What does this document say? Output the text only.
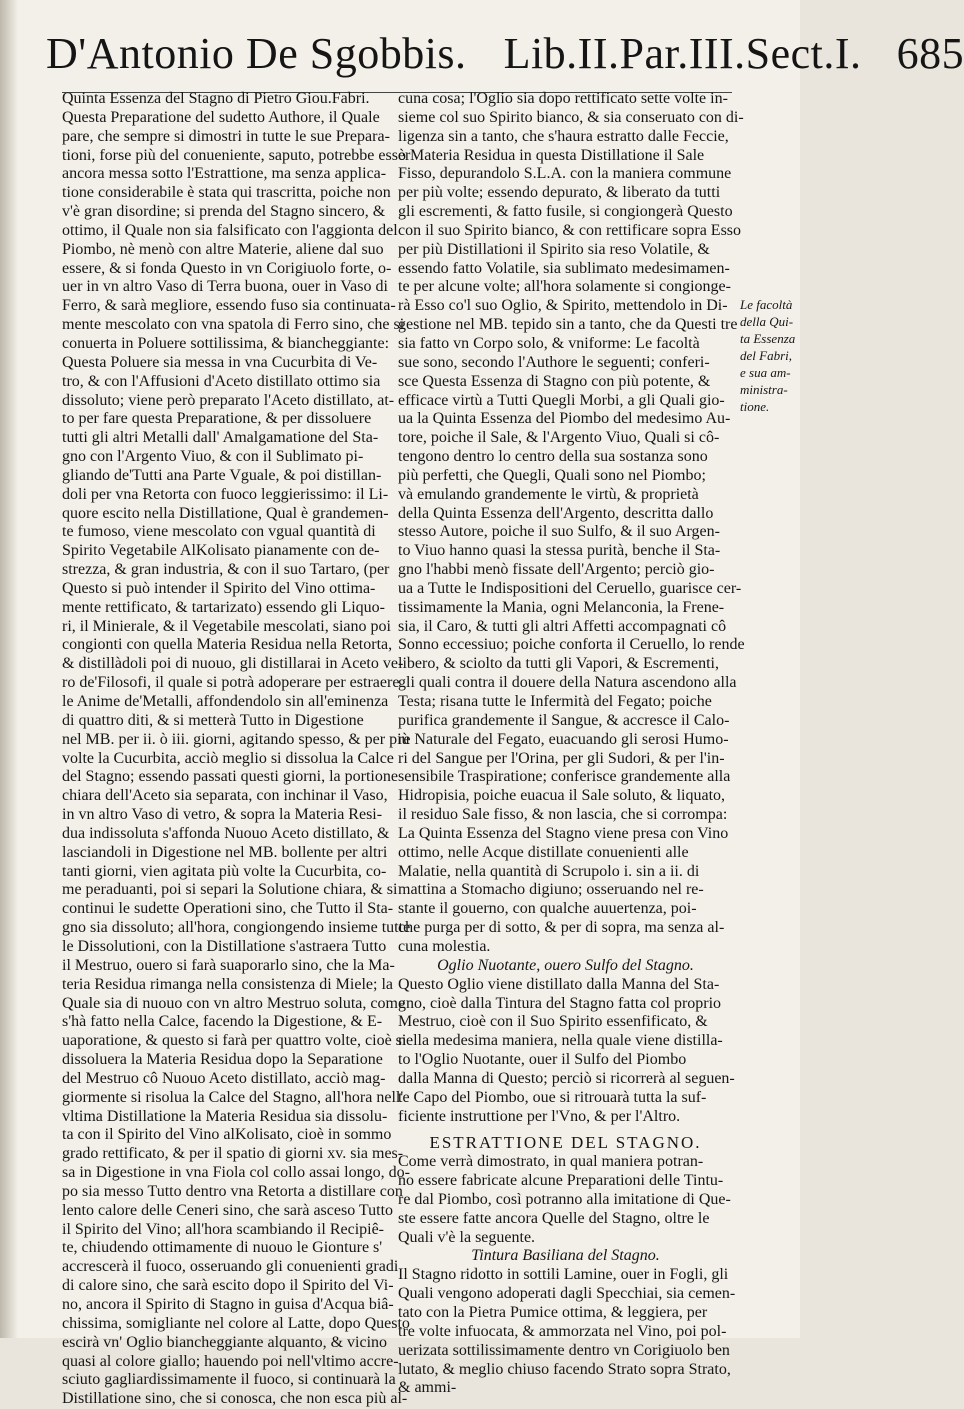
D'Antonio De Sgobbis. Lib.II.Par.III.Sect.I. 685
Quinta Essenza del Stagno di Pietro Giou.Fabri.
Questa Preparatione del sudetto Authore, il Quale
pare, che sempre si dimostri in tutte le sue Prepara-
tioni, forse più del conueniente, saputo, potrebbe esser
ancora messa sotto l'Estrattione, ma senza applica-
tione considerabile è stata qui trascritta, poiche non
v'è gran disordine; si prenda del Stagno sincero, &
ottimo, il Quale non sia falsificato con l'aggionta del
Piombo, nè menò con altre Materie, aliene dal suo
essere, & si fonda Questo in vn Corigiuolo forte, o-
uer in vn altro Vaso di Terra buona, ouer in Vaso di
Ferro, & sarà megliore, essendo fuso sia continuata-
mente mescolato con vna spatola di Ferro sino, che si
conuerta in Poluere sottilissima, & biancheggiante:
Questa Poluere sia messa in vna Cucurbita di Ve-
tro, & con l'Affusioni d'Aceto distillato ottimo sia
dissoluto; viene però preparato l'Aceto distillato, at-
to per fare questa Preparatione, & per dissoluere
tutti gli altri Metalli dall' Amalgamatione del Sta-
gno con l'Argento Viuo, & con il Sublimato pi-
gliando de'Tutti ana Parte Vguale, & poi distillan-
doli per vna Retorta con fuoco leggierissimo: il Li-
quore escito nella Distillatione, Qual è grandemen-
te fumoso, viene mescolato con vgual quantità di
Spirito Vegetabile AlKolisato pianamente con de-
strezza, & gran industria, & con il suo Tartaro, (per
Questo si può intender il Spirito del Vino ottima-
mente rettificato, & tartarizato) essendo gli Liquo-
ri, il Minierale, & il Vegetabile mescolati, siano poi
congionti con quella Materia Residua nella Retorta,
& distillàdoli poi di nuouo, gli distillarai in Aceto ve-
ro de'Filosofi, il quale si potrà adoperare per estraere
le Anime de'Metalli, affondendolo sin all'eminenza
di quattro diti, & si metterà Tutto in Digestione
nel MB. per ii. ò iii. giorni, agitando spesso, & per più
volte la Cucurbita, acciò meglio si dissolua la Calce
del Stagno; essendo passati questi giorni, la portione
chiara dell'Aceto sia separata, con inchinar il Vaso,
in vn altro Vaso di vetro, & sopra la Materia Resi-
dua indissoluta s'affonda Nuouo Aceto distillato, &
lasciandoli in Digestione nel MB. bollente per altri
tanti giorni, vien agitata più volte la Cucurbita, co-
me peraduanti, poi si separi la Solutione chiara, & si
continui le sudette Operationi sino, che Tutto il Sta-
gno sia dissoluto; all'hora, congiongendo insieme tutte
le Dissolutioni, con la Distillatione s'astraera Tutto
il Mestruo, ouero si farà suaporarlo sino, che la Ma-
teria Residua rimanga nella consistenza di Miele; la
Quale sia di nuouo con vn altro Mestruo soluta, come
s'hà fatto nella Calce, facendo la Digestione, & E-
uaporatione, & questo si farà per quattro volte, cioè si
dissoluera la Materia Residua dopo la Separatione
del Mestruo cô Nuouo Aceto distillato, acciò mag-
giormente si risolua la Calce del Stagno, all'hora nell'
vltima Distillatione la Materia Residua sia dissolu-
ta con il Spirito del Vino alKolisato, cioè in sommo
grado rettificato, & per il spatio di giorni xv. sia mes-
sa in Digestione in vna Fiola col collo assai longo, do-
po sia messo Tutto dentro vna Retorta a distillare con
lento calore delle Ceneri sino, che sarà asceso Tutto
il Spirito del Vino; all'hora scambiando il Recipiê-
te, chiudendo ottimamente di nuouo le Gionture s'
accrescerà il fuoco, osseruando gli conuenienti gradi
di calore sino, che sarà escito dopo il Spirito del Vi-
no, ancora il Spirito di Stagno in guisa d'Acqua biâ-
chissima, somigliante nel colore al Latte, dopo Questo
escirà vn' Oglio biancheggiante alquanto, & vicino
quasi al colore giallo; hauendo poi nell'vltimo accre-
sciuto gagliardissimamente il fuoco, si continuarà la
Distillatione sino, che si conosca, che non esca più al-
cuna cosa; l'Oglio sia dopo rettificato sette volte in-
sieme col suo Spirito bianco, & sia conseruato con di-
ligenza sin a tanto, che s'haura estratto dalle Feccie,
ò Materia Residua in questa Distillatione il Sale
Fisso, depurandolo S.L.A. con la maniera commune
per più volte; essendo depurato, & liberato da tutti
gli escrementi, & fatto fusile, si congiongerà Questo
con il suo Spirito bianco, & con rettificare sopra Esso
per più Distillationi il Spirito sia reso Volatile, &
essendo fatto Volatile, sia sublimato medesimamen-
te per alcune volte; all'hora solamente si congionge-
rà Esso co'l suo Oglio, & Spirito, mettendolo in Di-
gestione nel MB. tepido sin a tanto, che da Questi tre
sia fatto vn Corpo solo, & vniforme: Le facoltà
sue sono, secondo l'Authore le seguenti; conferi-
sce Questa Essenza di Stagno con più potente, &
efficace virtù a Tutti Quegli Morbi, a gli Quali gio-
ua la Quinta Essenza del Piombo del medesimo Au-
tore, poiche il Sale, & l'Argento Viuo, Quali si cô-
tengono dentro lo centro della sua sostanza sono
più perfetti, che Quegli, Quali sono nel Piombo;
và emulando grandemente le virtù, & proprietà
della Quinta Essenza dell'Argento, descritta dallo
stesso Autore, poiche il suo Sulfo, & il suo Argen-
to Viuo hanno quasi la stessa purità, benche il Sta-
gno l'habbi menò fissate dell'Argento; perciò gio-
ua a Tutte le Indispositioni del Ceruello, guarisce cer-
tissimamente la Mania, ogni Melanconia, la Frene-
sia, il Caro, & tutti gli altri Affetti accompagnati cô
Sonno eccessiuo; poiche conforta il Ceruello, lo rende
libero, & sciolto da tutti gli Vapori, & Escrementi,
gli quali contra il douere della Natura ascendono alla
Testa; risana tutte le Infermità del Fegato; poiche
purifica grandemente il Sangue, & accresce il Calo-
re Naturale del Fegato, euacuando gli serosi Humo-
ri del Sangue per l'Orina, per gli Sudori, & per l'in-
sensibile Traspiratione; conferisce grandemente alla
Hidropisia, poiche euacua il Sale soluto, & liquato,
il residuo Sale fisso, & non lascia, che si corrompa:
La Quinta Essenza del Stagno viene presa con Vino
ottimo, nelle Acque distillate conuenienti alle
Malatie, nella quantità di Scrupolo i. sin a ii. di
mattina a Stomacho digiuno; osseruando nel re-
stante il gouerno, con qualche auuertenza, poi-
che purga per di sotto, & per di sopra, ma senza al-
cuna molestia.
Oglio Nuotante, ouero Sulfo del Stagno.
Questo Oglio viene distillato dalla Manna del Sta-
gno, cioè dalla Tintura del Stagno fatta col proprio
Mestruo, cioè con il Suo Spirito essenfificato, &
nella medesima maniera, nella quale viene distilla-
to l'Oglio Nuotante, ouer il Sulfo del Piombo
dalla Manna di Questo; perciò si ricorrerà al seguen-
te Capo del Piombo, oue si ritrouarà tutta la suf-
ficiente instruttione per l'Vno, & per l'Altro.
ESTRATTIONE DEL STAGNO.
Come verrà dimostrato, in qual maniera potran-
no essere fabricate alcune Preparationi delle Tintu-
re dal Piombo, così potranno alla imitatione di Que-
ste essere fatte ancora Quelle del Stagno, oltre le
Quali v'è la seguente.
Tintura Basiliana del Stagno.
Il Stagno ridotto in sottili Lamine, ouer in Fogli, gli
Quali vengono adoperati dagli Specchiai, sia cemen-
tato con la Pietra Pumice ottima, & leggiera, per
tre volte infuocata, & ammorzata nel Vino, poi pol-
uerizata sottilissimamente dentro vn Corigiuolo ben
lutato, & meglio chiuso facendo Strato sopra Strato,
& ammi-
Le facoltà
della Qui-
ta Essenza
del Fabri,
e sua am-
ministra-
tione.
